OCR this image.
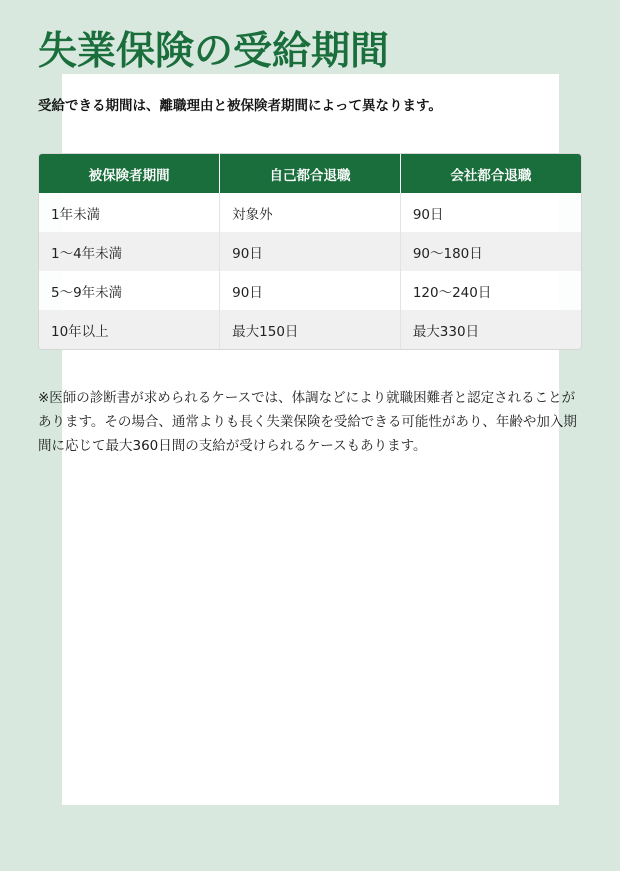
失業保険の受給期間

受給できる期間は、離職理由と被保険者期間によって異なります。

被保険者期間	自己都合退職	会社都合退職
1年未満	対象外	90日
1〜4年未満	90日	90〜180日
5〜9年未満	90日	120〜240日
10年以上	最大150日	最大330日

※医師の診断書が求められるケースでは、体調などにより就職困難者と認定されることがあります。その場合、通常よりも長く失業保険を受給できる可能性があり、年齢や加入期間に応じて最大360日間の支給が受けられるケースもあります。
